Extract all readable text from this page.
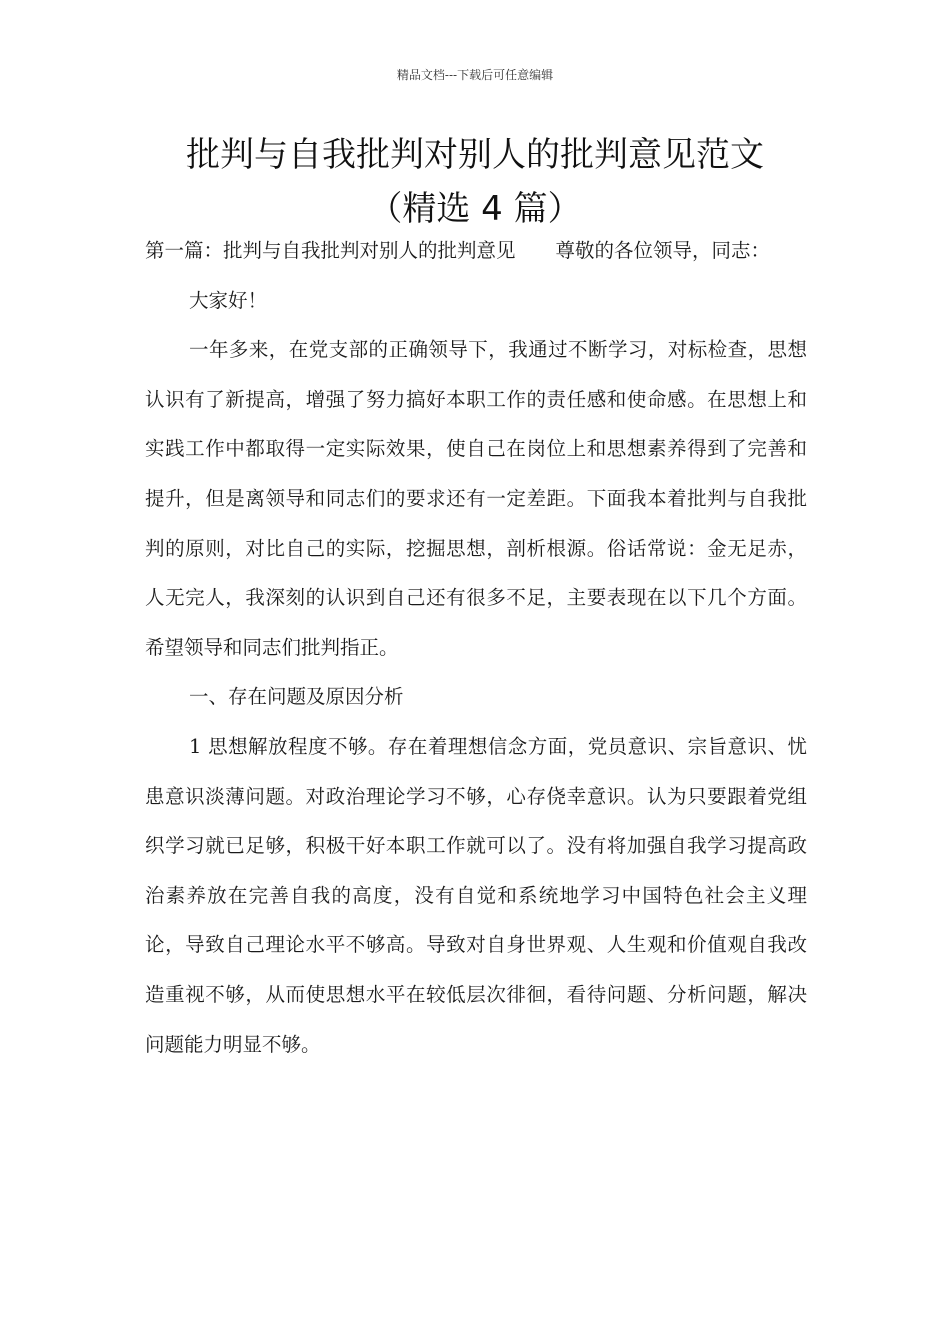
精品文档---下载后可任意编辑
批判与自我批判对别人的批判意见范文
（精选 4 篇）

第一篇：批判与自我批判对别人的批判意见 尊敬的各位领导，同志：

大家好！

一年多来，在党支部的正确领导下，我通过不断学习，对标检查，思想认识有了新提高，增强了努力搞好本职工作的责任感和使命感。在思想上和实践工作中都取得一定实际效果，使自己在岗位上和思想素养得到了完善和提升，但是离领导和同志们的要求还有一定差距。下面我本着批判与自我批判的原则，对比自己的实际，挖掘思想，剖析根源。俗话常说：金无足赤，人无完人，我深刻的认识到自己还有很多不足，主要表现在以下几个方面。希望领导和同志们批判指正。

一、存在问题及原因分析

1 思想解放程度不够。存在着理想信念方面，党员意识、宗旨意识、忧患意识淡薄问题。对政治理论学习不够，心存侥幸意识。认为只要跟着党组织学习就已足够，积极干好本职工作就可以了。没有将加强自我学习提高政治素养放在完善自我的高度，没有自觉和系统地学习中国特色社会主义理论，导致自己理论水平不够高。导致对自身世界观、人生观和价值观自我改造重视不够，从而使思想水平在较低层次徘徊，看待问题、分析问题，解决问题能力明显不够。
